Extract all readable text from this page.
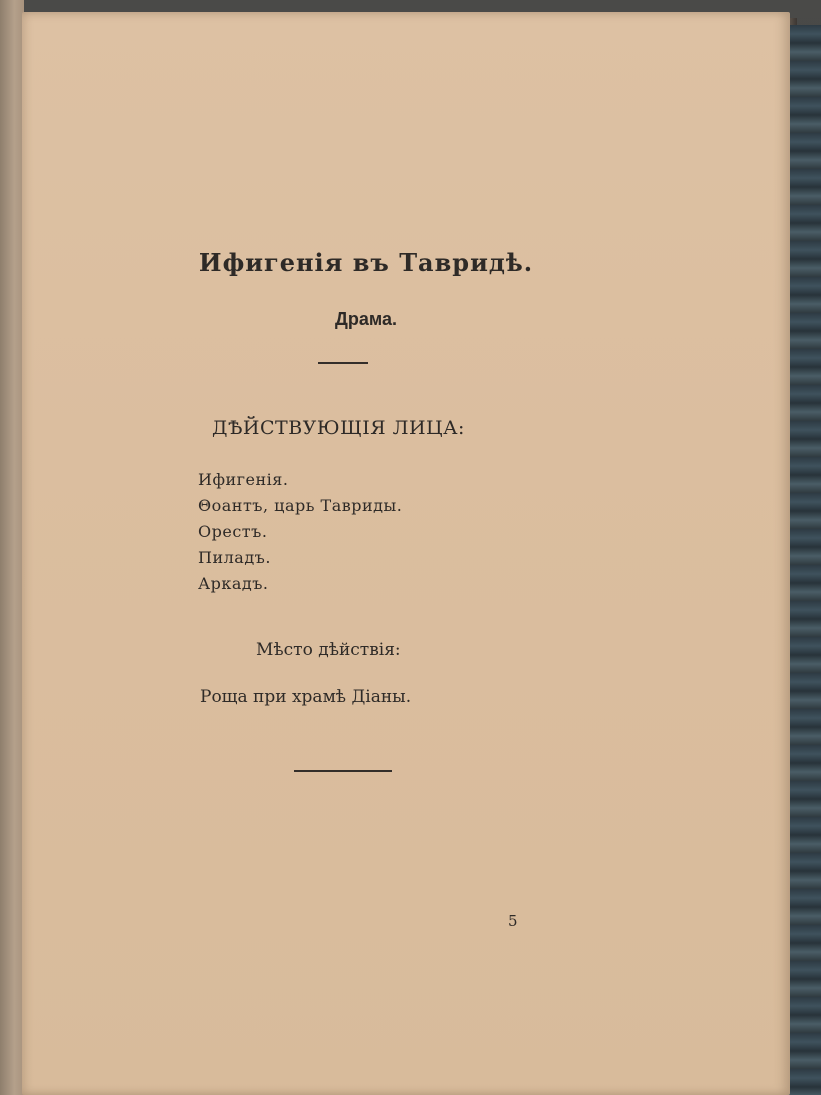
Ифигенія въ Тавридѣ.
Драма.
ДѢЙСТВУЮЩІЯ ЛИЦА:
Ифигенія.
Θоантъ, царь Тавриды.
Орестъ.
Пиладъ.
Аркадъ.
Мѣсто дѣйствія:
Роща при храмѣ Діаны.
5
